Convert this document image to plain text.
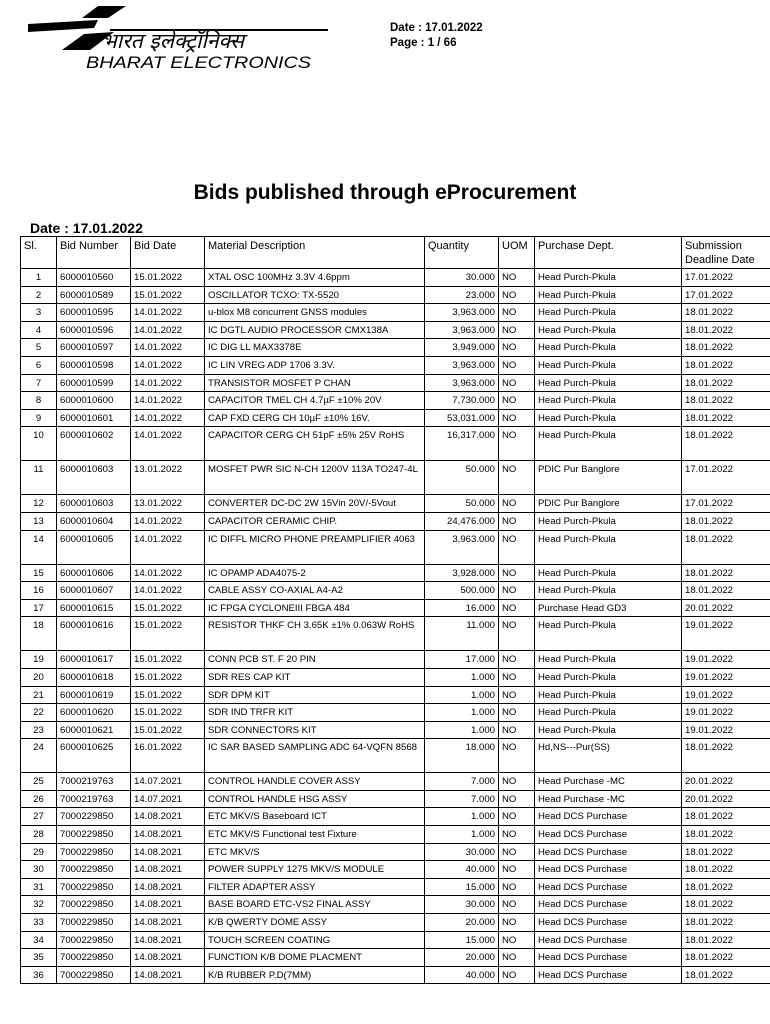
भारत इलेक्ट्रॉनिक्स
BHARAT ELECTRONICS
Date : 17.01.2022
Page : 1 / 66
Bids published through eProcurement
Date : 17.01.2022
Sl.	Bid Number	Bid Date	Material Description	Quantity	UOM	Purchase Dept.	Submission Deadline Date
1	6000010560	15.01.2022	XTAL OSC 100MHz 3.3V 4.6ppm	30.000	NO	Head Purch-Pkula	17.01.2022
2	6000010589	15.01.2022	OSCILLATOR TCXO: TX-5520	23.000	NO	Head Purch-Pkula	17.01.2022
3	6000010595	14.01.2022	u-blox M8 concurrent GNSS modules	3,963.000	NO	Head Purch-Pkula	18.01.2022
4	6000010596	14.01.2022	IC DGTL AUDIO PROCESSOR CMX138A	3,963.000	NO	Head Purch-Pkula	18.01.2022
5	6000010597	14.01.2022	IC DIG LL MAX3378E	3,949.000	NO	Head Purch-Pkula	18.01.2022
6	6000010598	14.01.2022	IC LIN VREG ADP 1706 3.3V.	3,963.000	NO	Head Purch-Pkula	18.01.2022
7	6000010599	14.01.2022	TRANSISTOR MOSFET P CHAN	3,963.000	NO	Head Purch-Pkula	18.01.2022
8	6000010600	14.01.2022	CAPACITOR TMEL CH 4.7µF ±10% 20V	7,730.000	NO	Head Purch-Pkula	18.01.2022
9	6000010601	14.01.2022	CAP FXD CERG CH 10µF ±10% 16V.	53,031.000	NO	Head Purch-Pkula	18.01.2022
10	6000010602	14.01.2022	CAPACITOR CERG CH 51pF ±5% 25V RoHS	16,317.000	NO	Head Purch-Pkula	18.01.2022
11	6000010603	13.01.2022	MOSFET PWR SIC N-CH 1200V 113A TO247-4L	50.000	NO	PDIC Pur Banglore	17.01.2022
12	6000010603	13.01.2022	CONVERTER DC-DC 2W 15Vin 20V/-5Vout	50.000	NO	PDIC Pur Banglore	17.01.2022
13	6000010604	14.01.2022	CAPACITOR CERAMIC CHIP.	24,476.000	NO	Head Purch-Pkula	18.01.2022
14	6000010605	14.01.2022	IC DIFFL MICRO PHONE PREAMPLIFIER 4063	3,963.000	NO	Head Purch-Pkula	18.01.2022
15	6000010606	14.01.2022	IC OPAMP ADA4075-2	3,928.000	NO	Head Purch-Pkula	18.01.2022
16	6000010607	14.01.2022	CABLE ASSY CO-AXIAL A4-A2	500.000	NO	Head Purch-Pkula	18.01.2022
17	6000010615	15.01.2022	IC FPGA CYCLONEIII FBGA 484	16.000	NO	Purchase Head GD3	20.01.2022
18	6000010616	15.01.2022	RESISTOR THKF CH 3.65K ±1% 0.063W RoHS	11.000	NO	Head Purch-Pkula	19.01.2022
19	6000010617	15.01.2022	CONN PCB ST. F 20 PIN	17.000	NO	Head Purch-Pkula	19.01.2022
20	6000010618	15.01.2022	SDR RES CAP KIT	1.000	NO	Head Purch-Pkula	19.01.2022
21	6000010619	15.01.2022	SDR DPM KIT	1.000	NO	Head Purch-Pkula	19.01.2022
22	6000010620	15.01.2022	SDR IND TRFR KIT	1.000	NO	Head Purch-Pkula	19.01.2022
23	6000010621	15.01.2022	SDR CONNECTORS KIT	1.000	NO	Head Purch-Pkula	19.01.2022
24	6000010625	16.01.2022	IC SAR BASED SAMPLING ADC 64-VQFN 8568	18.000	NO	Hd,NS---Pur(SS)	18.01.2022
25	7000219763	14.07.2021	CONTROL HANDLE COVER ASSY	7.000	NO	Head Purchase -MC	20.01.2022
26	7000219763	14.07.2021	CONTROL HANDLE HSG ASSY	7.000	NO	Head Purchase -MC	20.01.2022
27	7000229850	14.08.2021	ETC MKV/S Baseboard ICT	1.000	NO	Head DCS Purchase	18.01.2022
28	7000229850	14.08.2021	ETC MKV/S Functional test Fixture	1.000	NO	Head DCS Purchase	18.01.2022
29	7000229850	14.08.2021	ETC MKV/S	30.000	NO	Head DCS Purchase	18.01.2022
30	7000229850	14.08.2021	POWER SUPPLY 1275 MKV/S MODULE	40.000	NO	Head DCS Purchase	18.01.2022
31	7000229850	14.08.2021	FILTER ADAPTER ASSY	15.000	NO	Head DCS Purchase	18.01.2022
32	7000229850	14.08.2021	BASE BOARD ETC-VS2 FINAL ASSY	30.000	NO	Head DCS Purchase	18.01.2022
33	7000229850	14.08.2021	K/B QWERTY DOME ASSY	20.000	NO	Head DCS Purchase	18.01.2022
34	7000229850	14.08.2021	TOUCH SCREEN COATING	15.000	NO	Head DCS Purchase	18.01.2022
35	7000229850	14.08.2021	FUNCTION K/B DOME PLACMENT	20.000	NO	Head DCS Purchase	18.01.2022
36	7000229850	14.08.2021	K/B RUBBER P.D(7MM)	40.000	NO	Head DCS Purchase	18.01.2022
